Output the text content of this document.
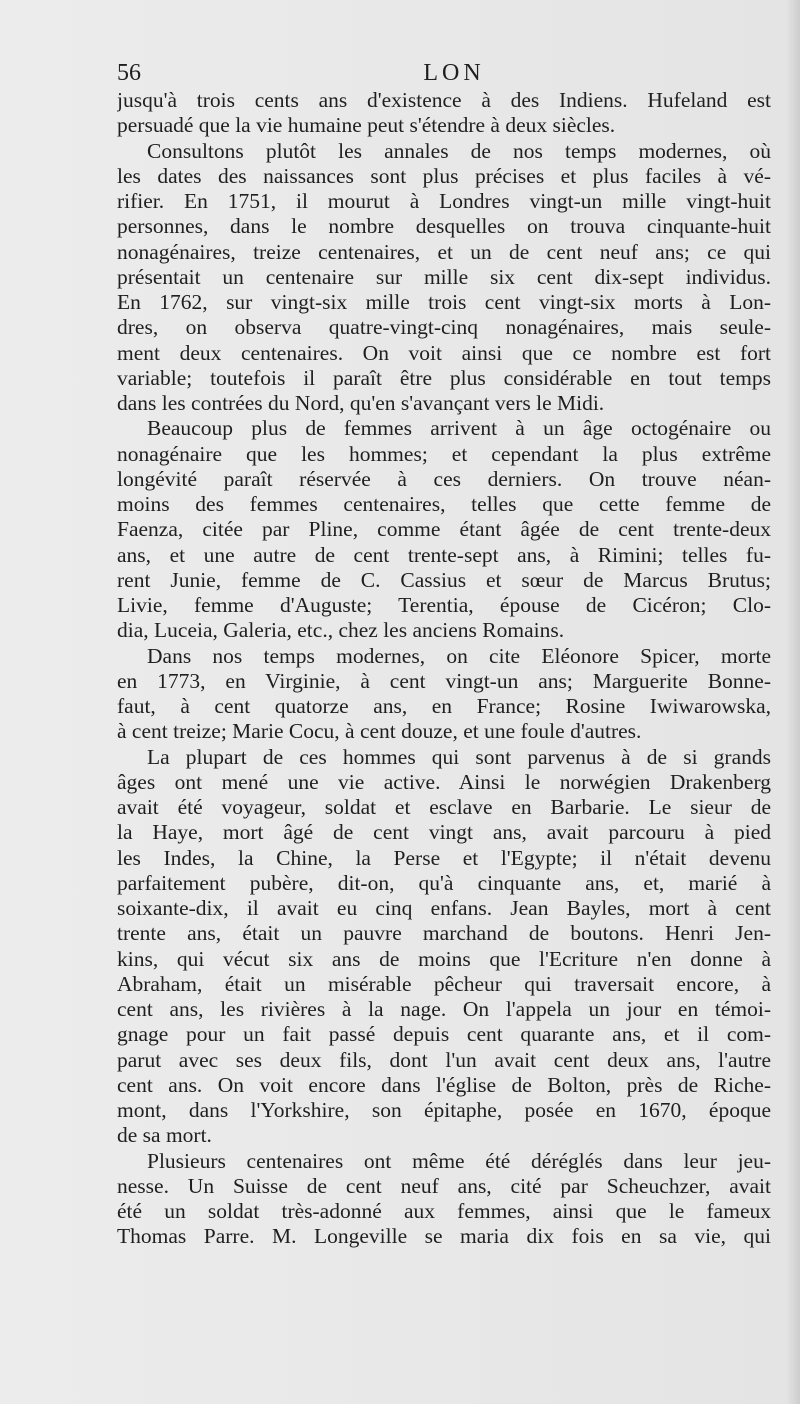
56	LON
jusqu'à trois cents ans d'existence à des Indiens. Hufeland est
persuadé que la vie humaine peut s'étendre à deux siècles.
Consultons plutôt les annales de nos temps modernes, où
les dates des naissances sont plus précises et plus faciles à vé-
rifier. En 1751, il mourut à Londres vingt-un mille vingt-huit
personnes, dans le nombre desquelles on trouva cinquante-huit
nonagénaires, treize centenaires, et un de cent neuf ans; ce qui
présentait un centenaire sur mille six cent dix-sept individus.
En 1762, sur vingt-six mille trois cent vingt-six morts à Lon-
dres, on observa quatre-vingt-cinq nonagénaires, mais seule-
ment deux centenaires. On voit ainsi que ce nombre est fort
variable; toutefois il paraît être plus considérable en tout temps
dans les contrées du Nord, qu'en s'avançant vers le Midi.
Beaucoup plus de femmes arrivent à un âge octogénaire ou
nonagénaire que les hommes; et cependant la plus extrême
longévité paraît réservée à ces derniers. On trouve néan-
moins des femmes centenaires, telles que cette femme de
Faenza, citée par Pline, comme étant âgée de cent trente-deux
ans, et une autre de cent trente-sept ans, à Rimini; telles fu-
rent Junie, femme de C. Cassius et sœur de Marcus Brutus;
Livie, femme d'Auguste; Terentia, épouse de Cicéron; Clo-
dia, Luceia, Galeria, etc., chez les anciens Romains.
Dans nos temps modernes, on cite Eléonore Spicer, morte
en 1773, en Virginie, à cent vingt-un ans; Marguerite Bonne-
faut, à cent quatorze ans, en France; Rosine Iwiwarowska,
à cent treize; Marie Cocu, à cent douze, et une foule d'autres.
La plupart de ces hommes qui sont parvenus à de si grands
âges ont mené une vie active. Ainsi le norwégien Drakenberg
avait été voyageur, soldat et esclave en Barbarie. Le sieur de
la Haye, mort âgé de cent vingt ans, avait parcouru à pied
les Indes, la Chine, la Perse et l'Egypte; il n'était devenu
parfaitement pubère, dit-on, qu'à cinquante ans, et, marié à
soixante-dix, il avait eu cinq enfans. Jean Bayles, mort à cent
trente ans, était un pauvre marchand de boutons. Henri Jen-
kins, qui vécut six ans de moins que l'Ecriture n'en donne à
Abraham, était un misérable pêcheur qui traversait encore, à
cent ans, les rivières à la nage. On l'appela un jour en témoi-
gnage pour un fait passé depuis cent quarante ans, et il com-
parut avec ses deux fils, dont l'un avait cent deux ans, l'autre
cent ans. On voit encore dans l'église de Bolton, près de Riche-
mont, dans l'Yorkshire, son épitaphe, posée en 1670, époque
de sa mort.
Plusieurs centenaires ont même été déréglés dans leur jeu-
nesse. Un Suisse de cent neuf ans, cité par Scheuchzer, avait
été un soldat très-adonné aux femmes, ainsi que le fameux
Thomas Parre. M. Longeville se maria dix fois en sa vie, qui
